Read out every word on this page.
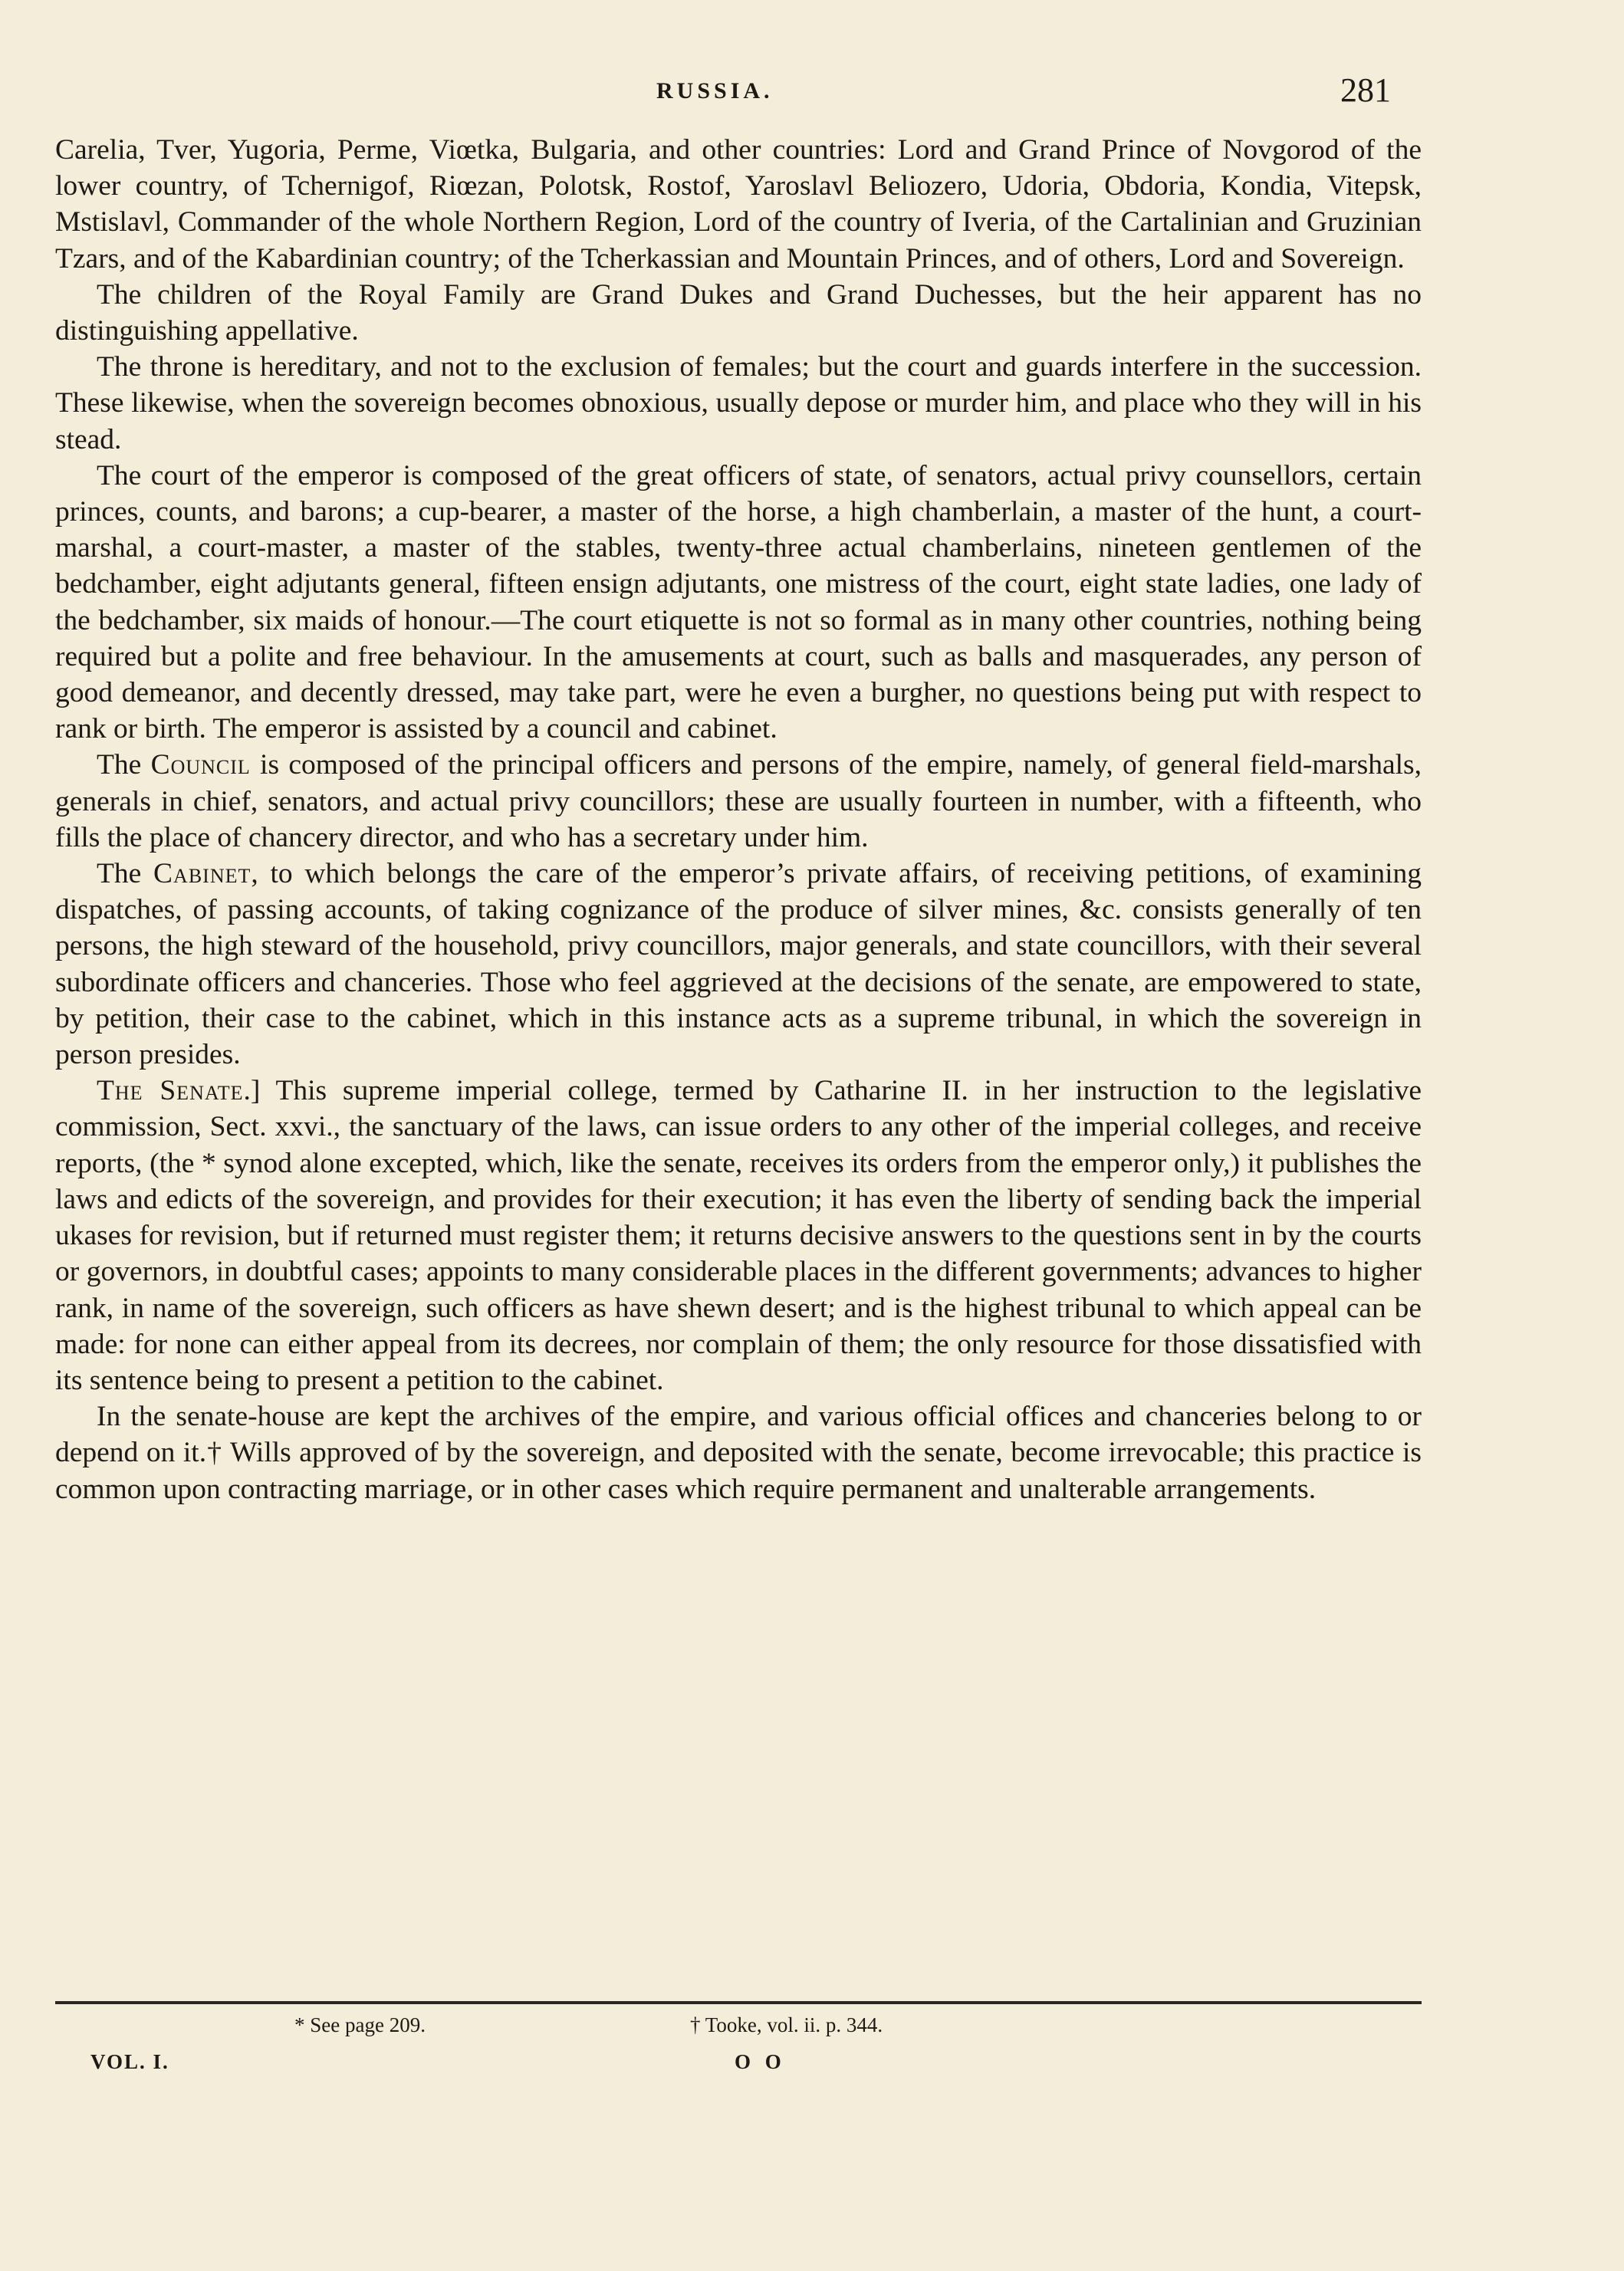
RUSSIA.	281

Carelia, Tver, Yugoria, Perme, Viœtka, Bulgaria, and other countries: Lord and Grand Prince of Novgorod of the lower country, of Tchernigof, Riœzan, Polotsk, Rostof, Yaroslavl Beliozero, Udoria, Obdoria, Kondia, Vitepsk, Mstislavl, Commander of the whole Northern Region, Lord of the country of Iveria, of the Cartalinian and Gruzinian Tzars, and of the Kabardinian country; of the Tcherkassian and Mountain Princes, and of others, Lord and Sovereign.

The children of the Royal Family are Grand Dukes and Grand Duchesses, but the heir apparent has no distinguishing appellative.

The throne is hereditary, and not to the exclusion of females; but the court and guards interfere in the succession. These likewise, when the sovereign becomes obnoxious, usually depose or murder him, and place who they will in his stead.

The court of the emperor is composed of the great officers of state, of senators, actual privy counsellors, certain princes, counts, and barons; a cup-bearer, a master of the horse, a high chamberlain, a master of the hunt, a court-marshal, a court-master, a master of the stables, twenty-three actual chamberlains, nineteen gentlemen of the bedchamber, eight adjutants general, fifteen ensign adjutants, one mistress of the court, eight state ladies, one lady of the bedchamber, six maids of honour.—The court etiquette is not so formal as in many other countries, nothing being required but a polite and free behaviour. In the amusements at court, such as balls and masquerades, any person of good demeanor, and decently dressed, may take part, were he even a burgher, no questions being put with respect to rank or birth. The emperor is assisted by a council and cabinet.

The Council is composed of the principal officers and persons of the empire, namely, of general field-marshals, generals in chief, senators, and actual privy councillors; these are usually fourteen in number, with a fifteenth, who fills the place of chancery director, and who has a secretary under him.

The Cabinet, to which belongs the care of the emperor’s private affairs, of receiving petitions, of examining dispatches, of passing accounts, of taking cognizance of the produce of silver mines, &c. consists generally of ten persons, the high steward of the household, privy councillors, major generals, and state councillors, with their several subordinate officers and chanceries. Those who feel aggrieved at the decisions of the senate, are empowered to state, by petition, their case to the cabinet, which in this instance acts as a supreme tribunal, in which the sovereign in person presides.

The Senate.] This supreme imperial college, termed by Catharine II. in her instruction to the legislative commission, Sect. xxvi., the sanctuary of the laws, can issue orders to any other of the imperial colleges, and receive reports, (the * synod alone excepted, which, like the senate, receives its orders from the emperor only,) it publishes the laws and edicts of the sovereign, and provides for their execution; it has even the liberty of sending back the imperial ukases for revision, but if returned must register them; it returns decisive answers to the questions sent in by the courts or governors, in doubtful cases; appoints to many considerable places in the different governments; advances to higher rank, in name of the sovereign, such officers as have shewn desert; and is the highest tribunal to which appeal can be made: for none can either appeal from its decrees, nor complain of them; the only resource for those dissatisfied with its sentence being to present a petition to the cabinet.

In the senate-house are kept the archives of the empire, and various official offices and chanceries belong to or depend on it.† Wills approved of by the sovereign, and deposited with the senate, become irrevocable; this practice is common upon contracting marriage, or in other cases which require permanent and unalterable arrangements.

* See page 209.	† Tooke, vol. ii. p. 344.
VOL. I.	O O
